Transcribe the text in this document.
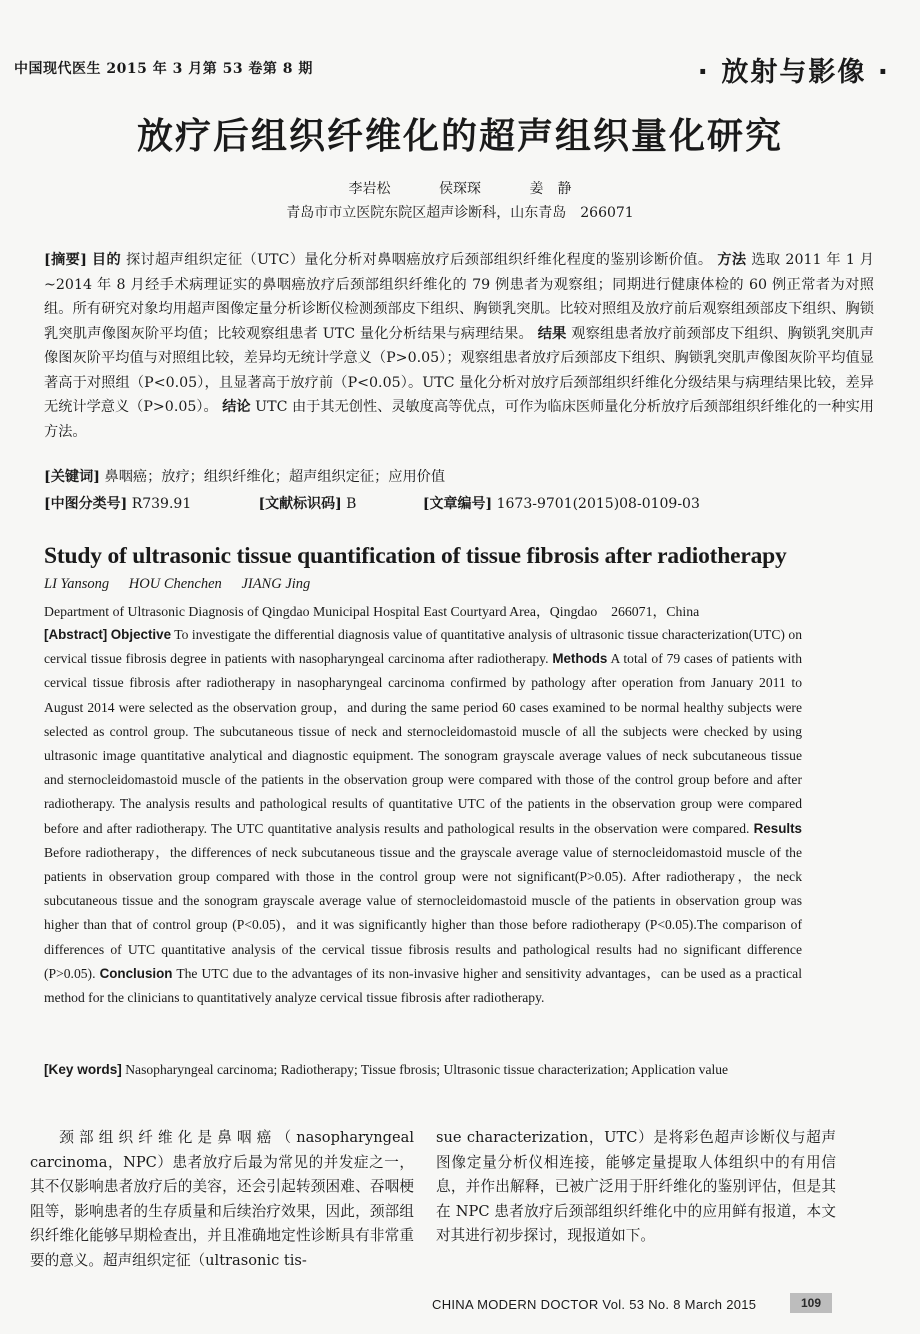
中国现代医生 2015 年 3 月第 53 卷第 8 期	· 放射与影像 ·
放疗后组织纤维化的超声组织量化研究
李岩松	侯琛琛	姜　静
青岛市市立医院东院区超声诊断科，山东青岛　266071
[摘要] 目的 探讨超声组织定征（UTC）量化分析对鼻咽癌放疗后颈部组织纤维化程度的鉴别诊断价值。 方法 选取 2011 年 1 月~2014 年 8 月经手术病理证实的鼻咽癌放疗后颈部组织纤维化的 79 例患者为观察组；同期进行健康体检的 60 例正常者为对照组。所有研究对象均用超声图像定量分析诊断仪检测颈部皮下组织、胸锁乳突肌。比较对照组及放疗前后观察组颈部皮下组织、胸锁乳突肌声像图灰阶平均值；比较观察组患者 UTC 量化分析结果与病理结果。 结果 观察组患者放疗前颈部皮下组织、胸锁乳突肌声像图灰阶平均值与对照组比较，差异均无统计学意义（P>0.05）；观察组患者放疗后颈部皮下组织、胸锁乳突肌声像图灰阶平均值显著高于对照组（P<0.05），且显著高于放疗前（P<0.05）。UTC 量化分析对放疗后颈部组织纤维化分级结果与病理结果比较，差异无统计学意义（P>0.05）。 结论 UTC 由于其无创性、灵敏度高等优点，可作为临床医师量化分析放疗后颈部组织纤维化的一种实用方法。
[关键词] 鼻咽癌；放疗；组织纤维化；超声组织定征；应用价值
[中图分类号] R739.91	[文献标识码] B	[文章编号] 1673-9701(2015)08-0109-03
Study of ultrasonic tissue quantification of tissue fibrosis after radiotherapy
LI Yansong HOU Chenchen JIANG Jing
Department of Ultrasonic Diagnosis of Qingdao Municipal Hospital East Courtyard Area，Qingdao　266071，China
[Abstract] Objective To investigate the differential diagnosis value of quantitative analysis of ultrasonic tissue characterization(UTC) on cervical tissue fibrosis degree in patients with nasopharyngeal carcinoma after radiotherapy. Methods A total of 79 cases of patients with cervical tissue fibrosis after radiotherapy in nasopharyngeal carcinoma confirmed by pathology after operation from January 2011 to August 2014 were selected as the observation group，and during the same period 60 cases examined to be normal healthy subjects were selected as control group. The subcutaneous tissue of neck and sternocleidomastoid muscle of all the subjects were checked by using ultrasonic image quantitative analytical and diagnostic equipment. The sonogram grayscale average values of neck subcutaneous tissue and sternocleidomastoid muscle of the patients in the observation group were compared with those of the control group before and after radiotherapy. The analysis results and pathological results of quantitative UTC of the patients in the observation group were compared before and after radiotherapy. The UTC quantitative analysis results and pathological results in the observation were compared. Results Before radiotherapy，the differences of neck subcutaneous tissue and the grayscale average value of sternocleidomastoid muscle of the patients in observation group compared with those in the control group were not significant(P>0.05). After radiotherapy，the neck subcutaneous tissue and the sonogram grayscale average value of sternocleidomastoid muscle of the patients in observation group was higher than that of control group (P<0.05)，and it was significantly higher than those before radiotherapy (P<0.05).The comparison of differences of UTC quantitative analysis of the cervical tissue fibrosis results and pathological results had no significant difference (P>0.05). Conclusion The UTC due to the advantages of its non-invasive higher and sensitivity advantages，can be used as a practical method for the clinicians to quantitatively analyze cervical tissue fibrosis after radiotherapy.
[Key words] Nasopharyngeal carcinoma; Radiotherapy; Tissue fbrosis; Ultrasonic tissue characterization; Application value
颈部组织纤维化是鼻咽癌（nasopharyngeal carcinoma，NPC）患者放疗后最为常见的并发症之一，其不仅影响患者放疗后的美容，还会引起转颈困难、吞咽梗阻等，影响患者的生存质量和后续治疗效果，因此，颈部组织纤维化能够早期检查出，并且准确地定性诊断具有非常重要的意义。超声组织定征（ultrasonic tis-
sue characterization，UTC）是将彩色超声诊断仪与超声图像定量分析仪相连接，能够定量提取人体组织中的有用信息，并作出解释，已被广泛用于肝纤维化的鉴别评估，但是其在 NPC 患者放疗后颈部组织纤维化中的应用鲜有报道，本文对其进行初步探讨，现报道如下。
CHINA MODERN DOCTOR Vol. 53 No. 8 March 2015	109
